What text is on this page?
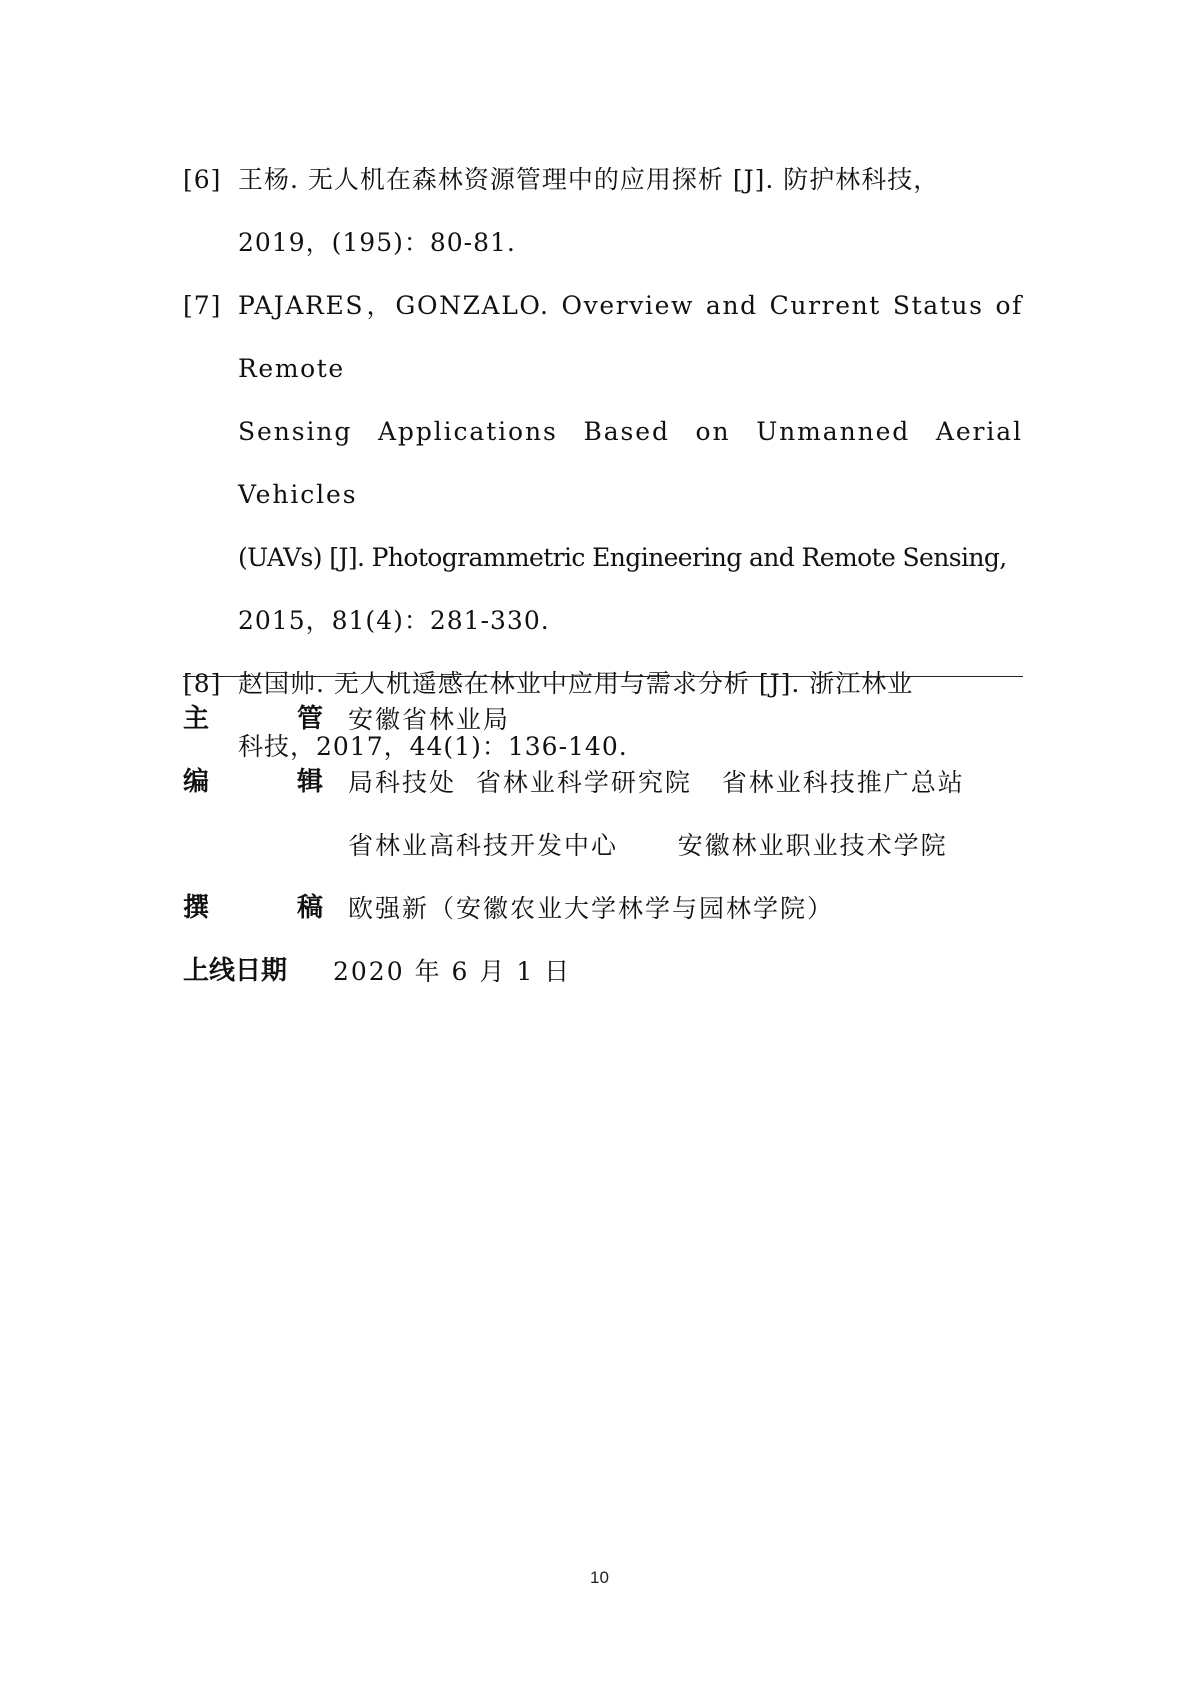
[6] 王杨. 无人机在森林资源管理中的应用探析 [J]. 防护林科技，
2019，(195)：80-81.
[7] PAJARES，GONZALO. Overview and Current Status of Remote
Sensing Applications Based on Unmanned Aerial Vehicles
(UAVs) [J]. Photogrammetric Engineering and Remote Sensing,
2015，81(4)：281-330.
[8] 赵国帅. 无人机遥感在林业中应用与需求分析 [J]. 浙江林业
科技，2017，44(1)：136-140.
主	管 安徽省林业局
编	辑 局科技处  省林业科学研究院   省林业科技推广总站
省林业高科技开发中心      安徽林业职业技术学院
撰	稿 欧强新（安徽农业大学林学与园林学院）
上线日期	2020 年 6 月 1 日
10
